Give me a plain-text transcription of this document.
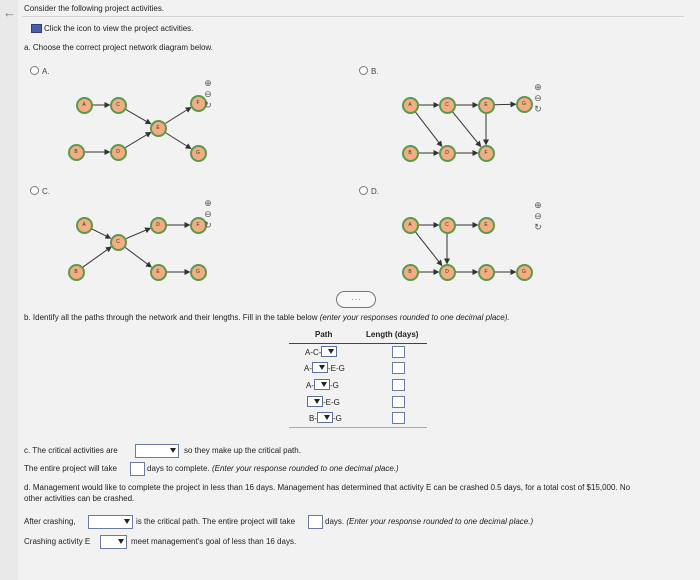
← Consider the following project activities.
Click the icon to view the project activities.
a. Choose the correct project network diagram below.
A.
A	C
E
F
B	D	G
⊕
⊖
↻
B.
A	C	E	G
B	D	F
⊕
⊖
↻
C.
A
C
D	F
B	E	G
⊕
⊖
↻
D.
A	C	E
B	D	F	G
⊕
⊖
↻
···
b. Identify all the paths through the network and their lengths. Fill in the table below (enter your responses rounded to one decimal place).
Path	Length (days)
A-C-
A- -E-G
A- -G
-E-G
B- -G
c. The critical activities are	so they make up the critical path.
The entire project will take	days to complete. (Enter your response rounded to one decimal place.)
d. Management would like to complete the project in less than 16 days. Management has determined that activity E can be crashed 0.5 days, for a total cost of $15,000. No
other activities can be crashed.
After crashing,	is the critical path. The entire project will take	days. (Enter your response rounded to one decimal place.)
Crashing activity E	meet management's goal of less than 16 days.
